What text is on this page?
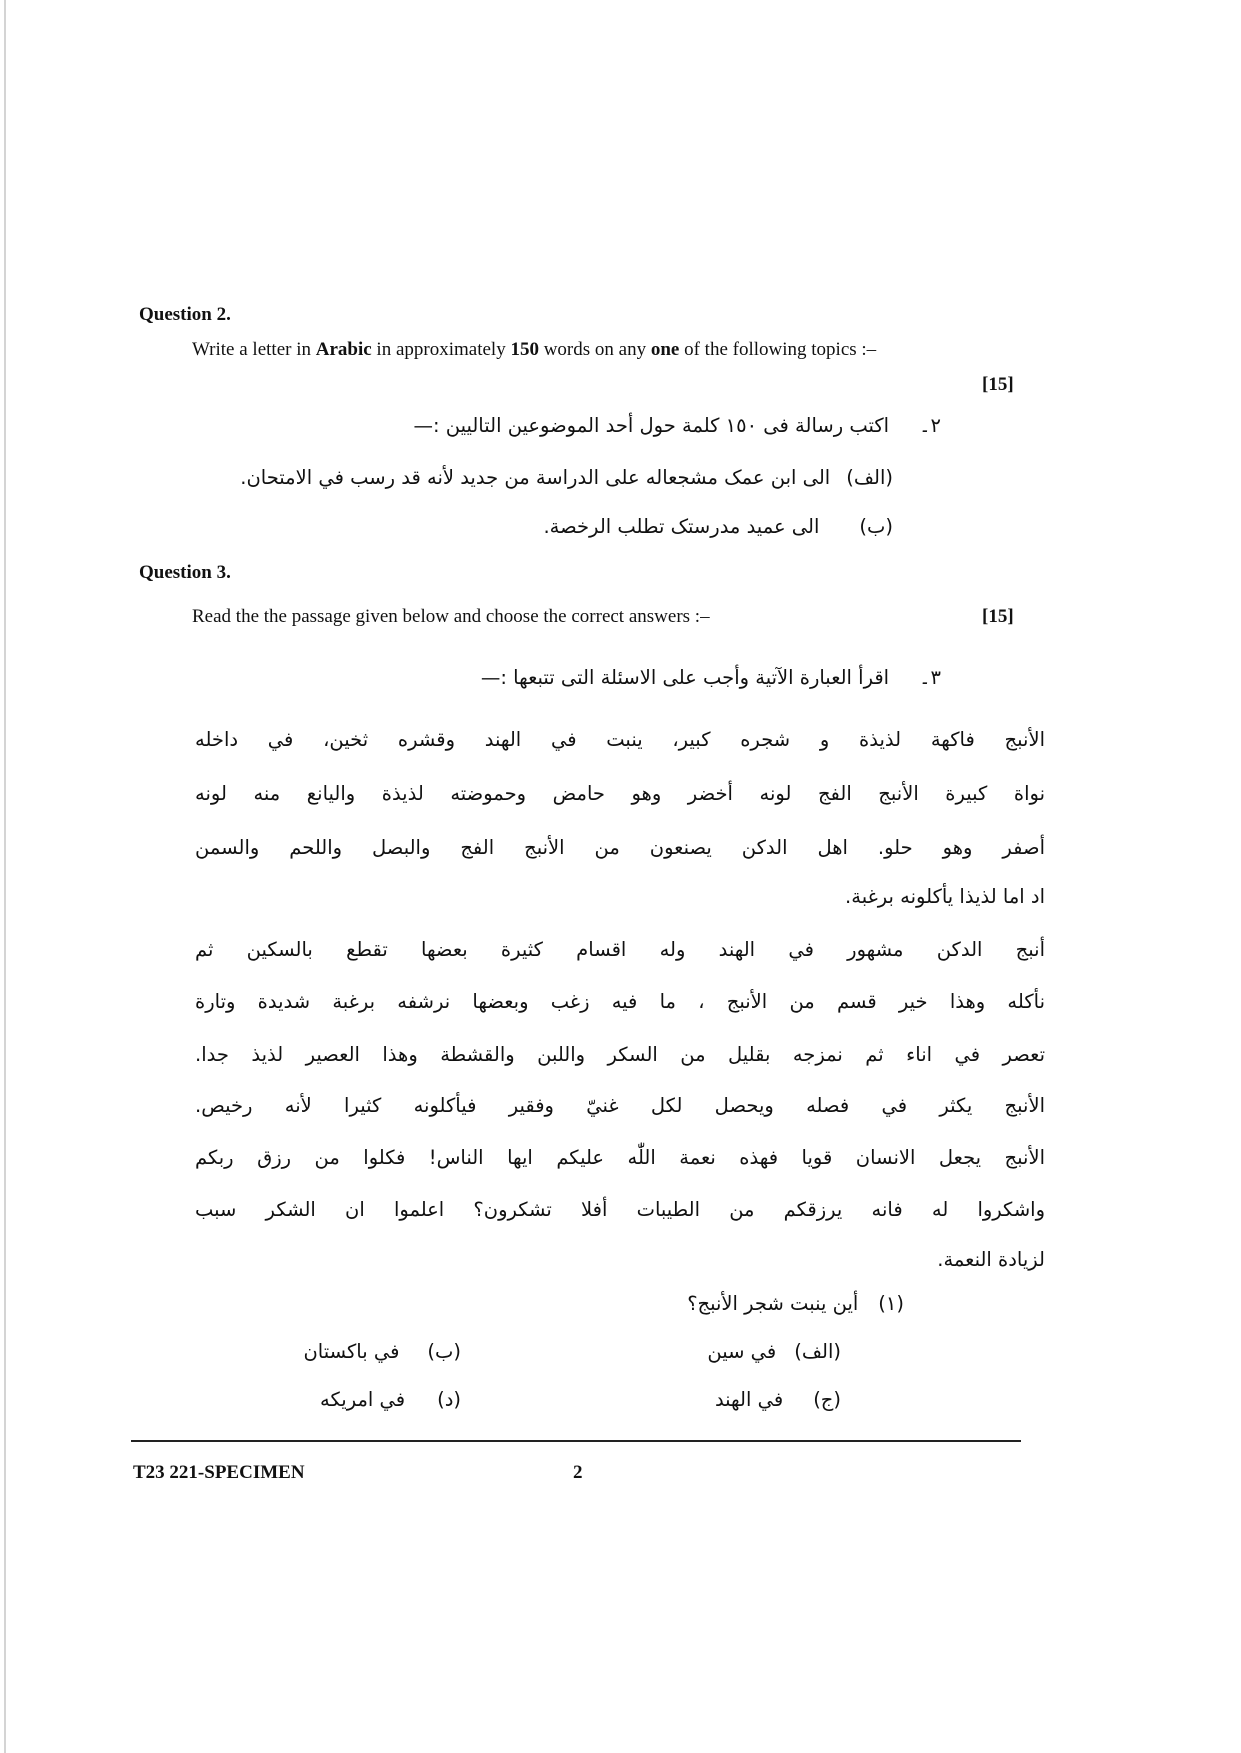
Question 2.
Write a letter in Arabic in approximately 150 words on any one of the following topics :–
[15]
٢۔اکتب رسالة فی ١٥٠ کلمة حول أحد الموضوعين التاليين :—
(الف)الى ابن عمک مشجعاله على الدراسة من جديد لأنه قد رسب في الامتحان.
(ب)الى عميد مدرستک تطلب الرخصة.
Question 3.
Read the the passage given below and choose the correct answers :–	[15]
٣۔اقرأ العبارة الآتية وأجب على الاسئلة التى تتبعها :—
الأنبج فاکهة لذيذة و شجره کبير، ينبت في الهند وقشره ثخين، في داخله
نواة کبيرة الأنبج الفج لونه أخضر وهو حامض وحموضته لذيذة واليانع منه لونه
أصفر وهو حلو. اهل الدکن يصنعون من الأنبج الفج والبصل واللحم والسمن
اد اما لذيذا يأکلونه برغبة.
أنبج الدکن مشهور في الهند وله اقسام کثيرة بعضها تقطع بالسکين ثم
نأکله وهذا خير قسم من الأنبج ، ما فيه زغب وبعضها نرشفه برغبة شديدة وتارة
تعصر في اناء ثم نمزجه بقليل من السکر واللبن والقشطة وهذا العصير لذيذ جدا.
الأنبج يکثر في فصله ويحصل لکل غنيّ وفقير فيأکلونه کثيرا لأنه رخيص.
الأنبج يجعل الانسان قويا فهذه نعمة اللّٰه عليکم ايها الناس! فکلوا من رزق ربکم
واشکروا له فانه يرزقکم من الطيبات أفلا تشکرون؟ اعلموا ان الشکر سبب
لزيادة النعمة.
(١)أين ينبت شجر الأنبج؟
(الف)في سين
(ب)في باکستان
(ج)في الهند
(د)في امريکه
T23 221-SPECIMEN	2
